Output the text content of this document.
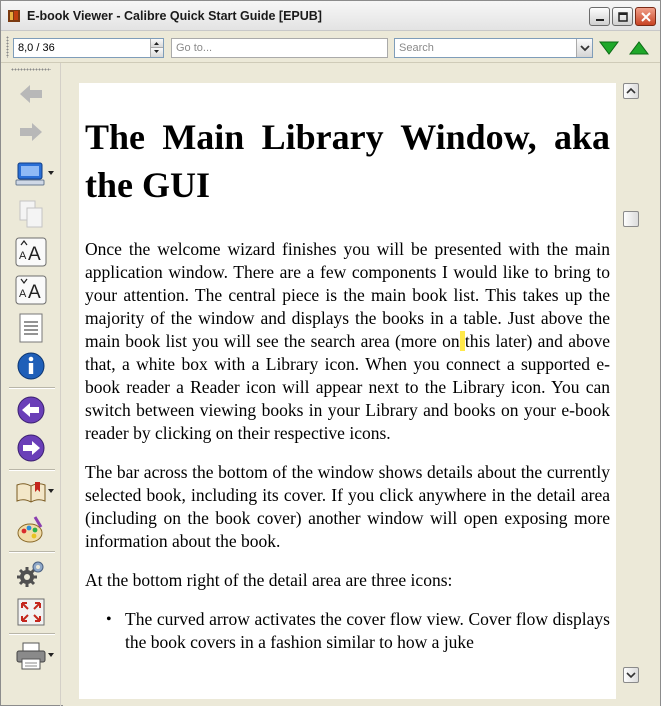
E-book Viewer - Calibre Quick Start Guide [EPUB]
8,0 / 36	Go to...	Search
A A
A A
The Main Library Window, aka the GUI

Once the welcome wizard finishes you will be presented with the main application window. There are a few components I would like to bring to your attention. The central piece is the main book list. This takes up the majority of the window and displays the books in a table. Just above the main book list you will see the search area (more on this later) and above that, a white box with a Library icon. When you connect a supported e-book reader a Reader icon will appear next to the Library icon. You can switch between viewing books in your Library and books on your e-book reader by clicking on their respective icons.

The bar across the bottom of the window shows details about the currently selected book, including its cover. If you click anywhere in the detail area (including on the book cover) another window will open exposing more information about the book.

At the bottom right of the detail area are three icons:

• The curved arrow activates the cover flow view. Cover flow displays the book covers in a fashion similar to how a juke
